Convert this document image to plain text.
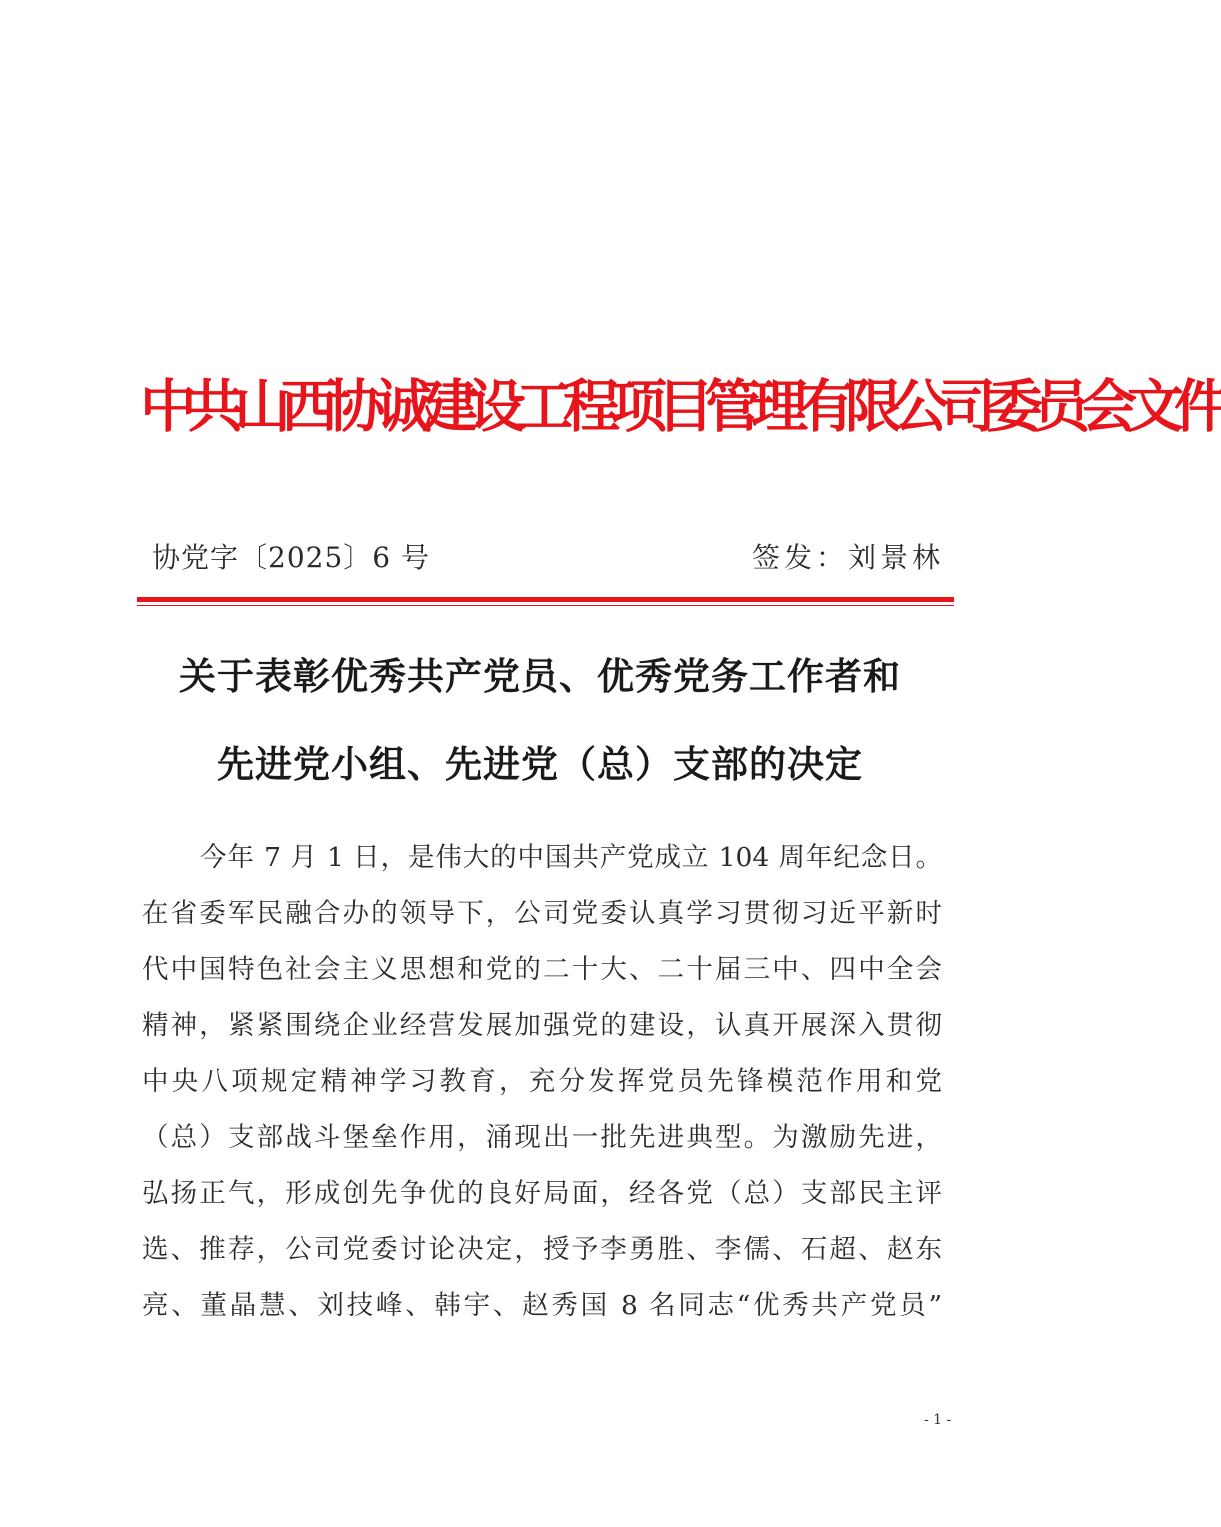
中共山西协诚建设工程项目管理有限公司委员会文件
协党字〔2025〕6 号	签发：刘景林
关于表彰优秀共产党员、优秀党务工作者和
先进党小组、先进党（总）支部的决定
今年 7 月 1 日，是伟大的中国共产党成立 104 周年纪念日。
在省委军民融合办的领导下，公司党委认真学习贯彻习近平新时
代中国特色社会主义思想和党的二十大、二十届三中、四中全会
精神，紧紧围绕企业经营发展加强党的建设，认真开展深入贯彻
中央八项规定精神学习教育，充分发挥党员先锋模范作用和党
（总）支部战斗堡垒作用，涌现出一批先进典型。为激励先进，
弘扬正气，形成创先争优的良好局面，经各党（总）支部民主评
选、推荐，公司党委讨论决定，授予李勇胜、李儒、石超、赵东
亮、董晶慧、刘技峰、韩宇、赵秀国 8 名同志“优秀共产党员”
- 1 -
